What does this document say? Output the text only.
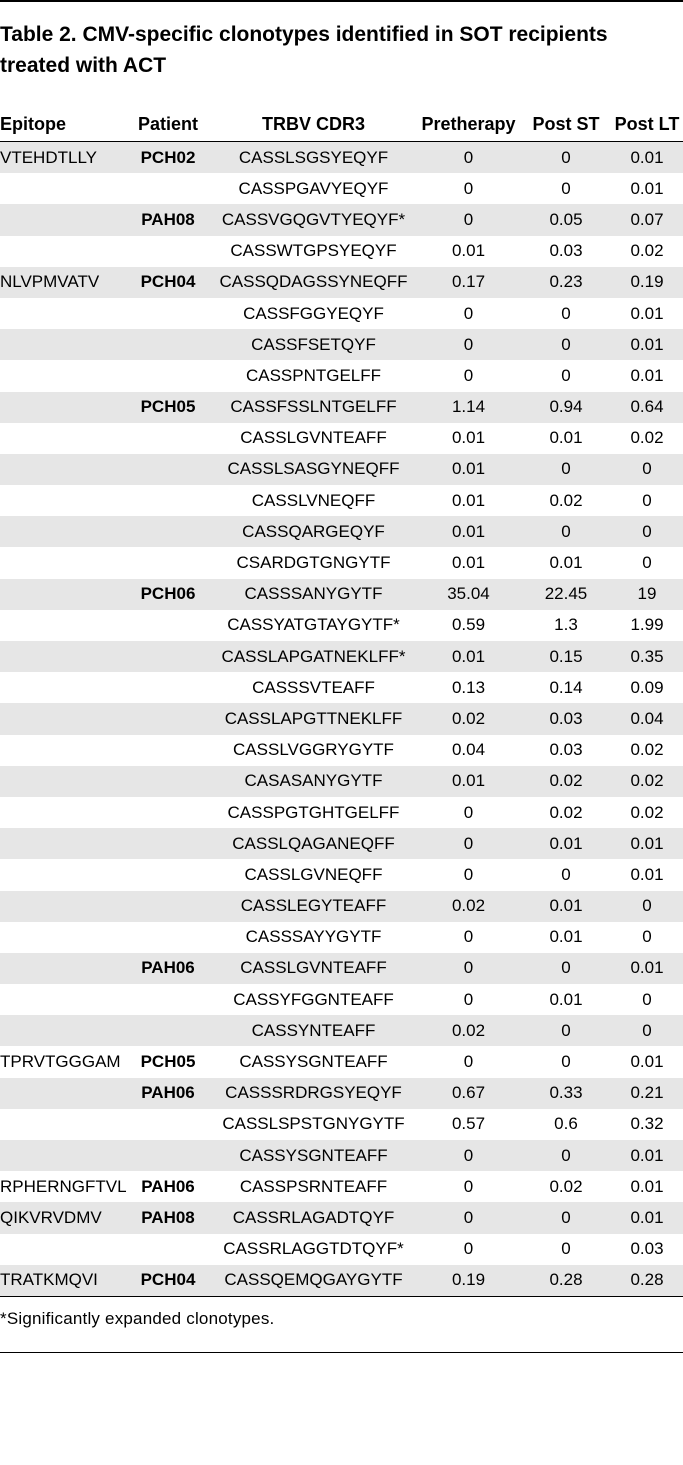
Table 2. CMV-specific clonotypes identified in SOT recipients treated with ACT
Epitope	Patient	TRBV CDR3	Pretherapy	Post ST	Post LT
VTEHDTLLY	PCH02	CASSLSGSYEQYF	0	0	0.01
		CASSPGAVYEQYF	0	0	0.01
	PAH08	CASSVGQGVTYEQYF*	0	0.05	0.07
		CASSWTGPSYEQYF	0.01	0.03	0.02
NLVPMVATV	PCH04	CASSQDAGSSYNEQFF	0.17	0.23	0.19
		CASSFGGYEQYF	0	0	0.01
		CASSFSETQYF	0	0	0.01
		CASSPNTGELFF	0	0	0.01
	PCH05	CASSFSSLNTGELFF	1.14	0.94	0.64
		CASSLGVNTEAFF	0.01	0.01	0.02
		CASSLSASGYNEQFF	0.01	0	0
		CASSLVNEQFF	0.01	0.02	0
		CASSQARGEQYF	0.01	0	0
		CSARDGTGNGYTF	0.01	0.01	0
	PCH06	CASSSANYGYTF	35.04	22.45	19
		CASSYATGTAYGYTF*	0.59	1.3	1.99
		CASSLAPGATNEKLFF*	0.01	0.15	0.35
		CASSSVTEAFF	0.13	0.14	0.09
		CASSLAPGTTNEKLFF	0.02	0.03	0.04
		CASSLVGGRYGYTF	0.04	0.03	0.02
		CASASANYGYTF	0.01	0.02	0.02
		CASSPGTGHTGELFF	0	0.02	0.02
		CASSLQAGANEQFF	0	0.01	0.01
		CASSLGVNEQFF	0	0	0.01
		CASSLEGYTEAFF	0.02	0.01	0
		CASSSAYYGYTF	0	0.01	0
	PAH06	CASSLGVNTEAFF	0	0	0.01
		CASSYFGGNTEAFF	0	0.01	0
		CASSYNTEAFF	0.02	0	0
TPRVTGGGAM	PCH05	CASSYSGNTEAFF	0	0	0.01
	PAH06	CASSSRDRGSYEQYF	0.67	0.33	0.21
		CASSLSPSTGNYGYTF	0.57	0.6	0.32
		CASSYSGNTEAFF	0	0	0.01
RPHERNGFTVL	PAH06	CASSPSRNTEAFF	0	0.02	0.01
QIKVRVDMV	PAH08	CASSRLAGADTQYF	0	0	0.01
		CASSRLAGGTDTQYF*	0	0	0.03
TRATKMQVI	PCH04	CASSQEMQGAYGYTF	0.19	0.28	0.28
*Significantly expanded clonotypes.
